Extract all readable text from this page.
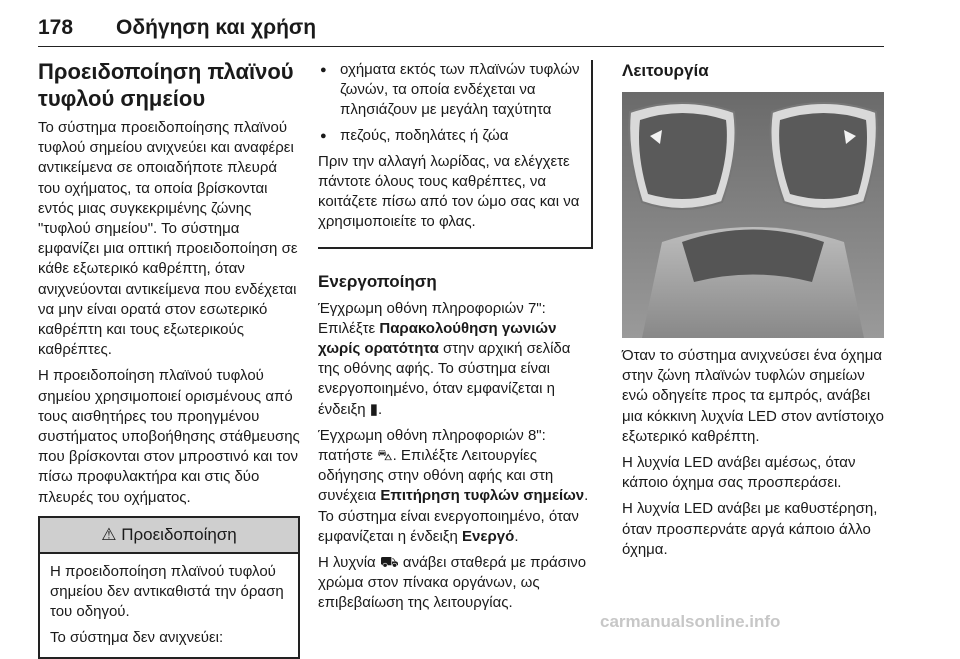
178 Οδήγηση και χρήση
Προειδοποίηση πλαϊνού τυφλού σημείου

Το σύστημα προειδοποίησης πλαϊνού τυφλού σημείου ανιχνεύει και αναφέρει αντικείμενα σε οποιαδήποτε πλευρά του οχήματος, τα οποία βρίσκονται εντός μιας συγκεκριμένης ζώνης "τυφλού σημείου". Το σύστημα εμφανίζει μια οπτική προειδοποίηση σε κάθε εξωτερικό καθρέπτη, όταν ανιχνεύονται αντικείμενα που ενδέχεται να μην είναι ορατά στον εσωτερικό καθρέπτη και τους εξωτερικούς καθρέπτες.

Η προειδοποίηση πλαϊνού τυφλού σημείου χρησιμοποιεί ορισμένους από τους αισθητήρες του προηγμένου συστήματος υποβοήθησης στάθμευσης που βρίσκονται στον μπροστινό και τον πίσω προφυλακτήρα και στις δύο πλευρές του οχήματος.

⚠ Προειδοποίηση

Η προειδοποίηση πλαϊνού τυφλού σημείου δεν αντικαθιστά την όραση του οδηγού.

Το σύστημα δεν ανιχνεύει:

● οχήματα εκτός των πλαϊνών τυφλών ζωνών, τα οποία ενδέχεται να πλησιάζουν με μεγάλη ταχύτητα
● πεζούς, ποδηλάτες ή ζώα

Πριν την αλλαγή λωρίδας, να ελέγχετε πάντοτε όλους τους καθρέπτες, να κοιτάζετε πίσω από τον ώμο σας και να χρησιμοποιείτε το φλας.

Ενεργοποίηση

Έγχρωμη οθόνη πληροφοριών 7": Επιλέξτε Παρακολούθηση γωνιών χωρίς ορατότητα στην αρχική σελίδα της οθόνης αφής. Το σύστημα είναι ενεργοποιημένο, όταν εμφανίζεται η ένδειξη ▮.

Έγχρωμη οθόνη πληροφοριών 8": πατήστε ⛍. Επιλέξτε Λειτουργίες οδήγησης στην οθόνη αφής και στη συνέχεια Επιτήρηση τυφλών σημείων. Το σύστημα είναι ενεργοποιημένο, όταν εμφανίζεται η ένδειξη Ενεργό.

Η λυχνία ⛟ ανάβει σταθερά με πράσινο χρώμα στον πίνακα οργάνων, ως επιβεβαίωση της λειτουργίας.

Λειτουργία

Όταν το σύστημα ανιχνεύσει ένα όχημα στην ζώνη πλαϊνών τυφλών σημείων ενώ οδηγείτε προς τα εμπρός, ανάβει μια κόκκινη λυχνία LED στον αντίστοιχο εξωτερικό καθρέπτη.

Η λυχνία LED ανάβει αμέσως, όταν κάποιο όχημα σας προσπεράσει.

Η λυχνία LED ανάβει με καθυστέρηση, όταν προσπερνάτε αργά κάποιο άλλο όχημα.

carmanualsonline.info
